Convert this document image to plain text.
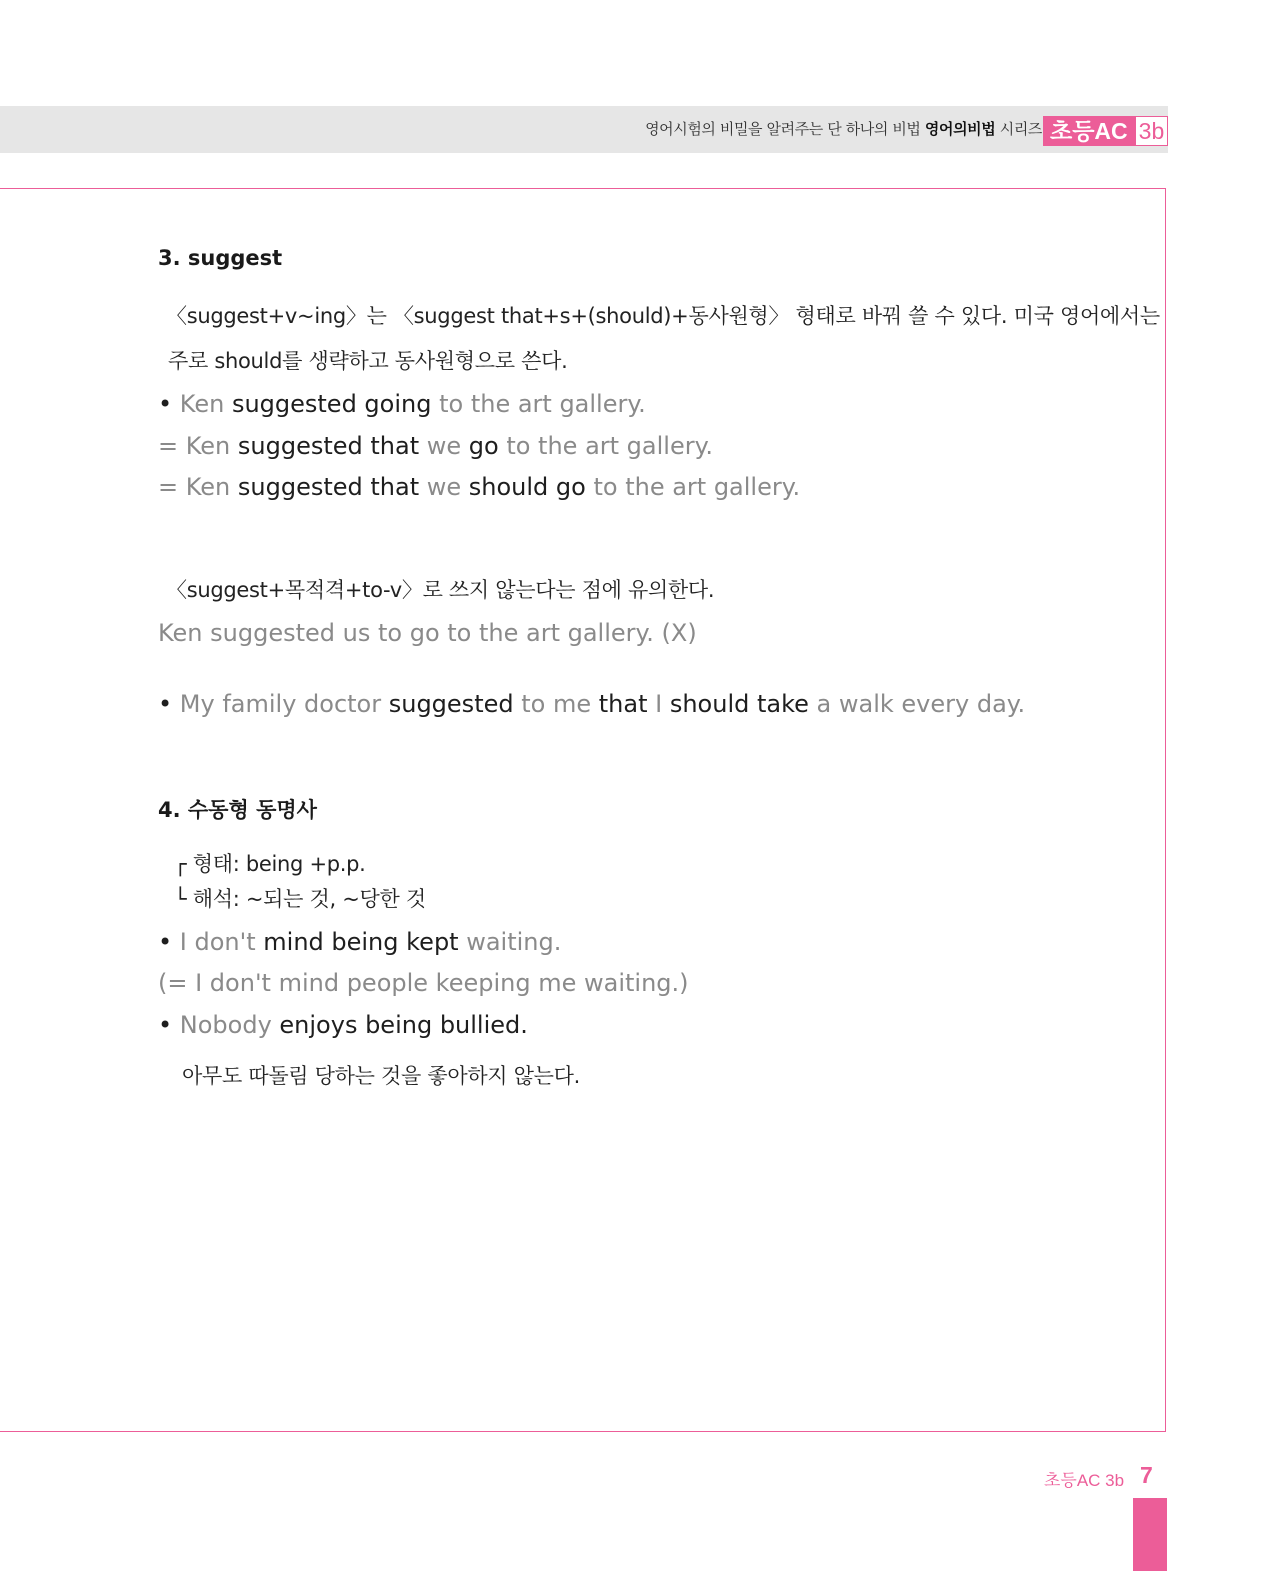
영어시험의 비밀을 알려주는 단 하나의 비법 영어의비법 시리즈 초등AC 3b
3. suggest
〈suggest+v~ing〉는 〈suggest that+s+(should)+동사원형〉 형태로 바꿔 쓸 수 있다. 미국 영어에서는
주로 should를 생략하고 동사원형으로 쓴다.
• Ken suggested going to the art gallery.
= Ken suggested that we go to the art gallery.
= Ken suggested that we should go to the art gallery.
〈suggest+목적격+to-v〉로 쓰지 않는다는 점에 유의한다.
Ken suggested us to go to the art gallery. (X)
• My family doctor suggested to me that I should take a walk every day.
4. 수동형 동명사
┌ 형태: being +p.p.
└ 해석: ~되는 것, ~당한 것
• I don't mind being kept waiting.
(= I don't mind people keeping me waiting.)
• Nobody enjoys being bullied.
아무도 따돌림 당하는 것을 좋아하지 않는다.
초등AC 3b 7
